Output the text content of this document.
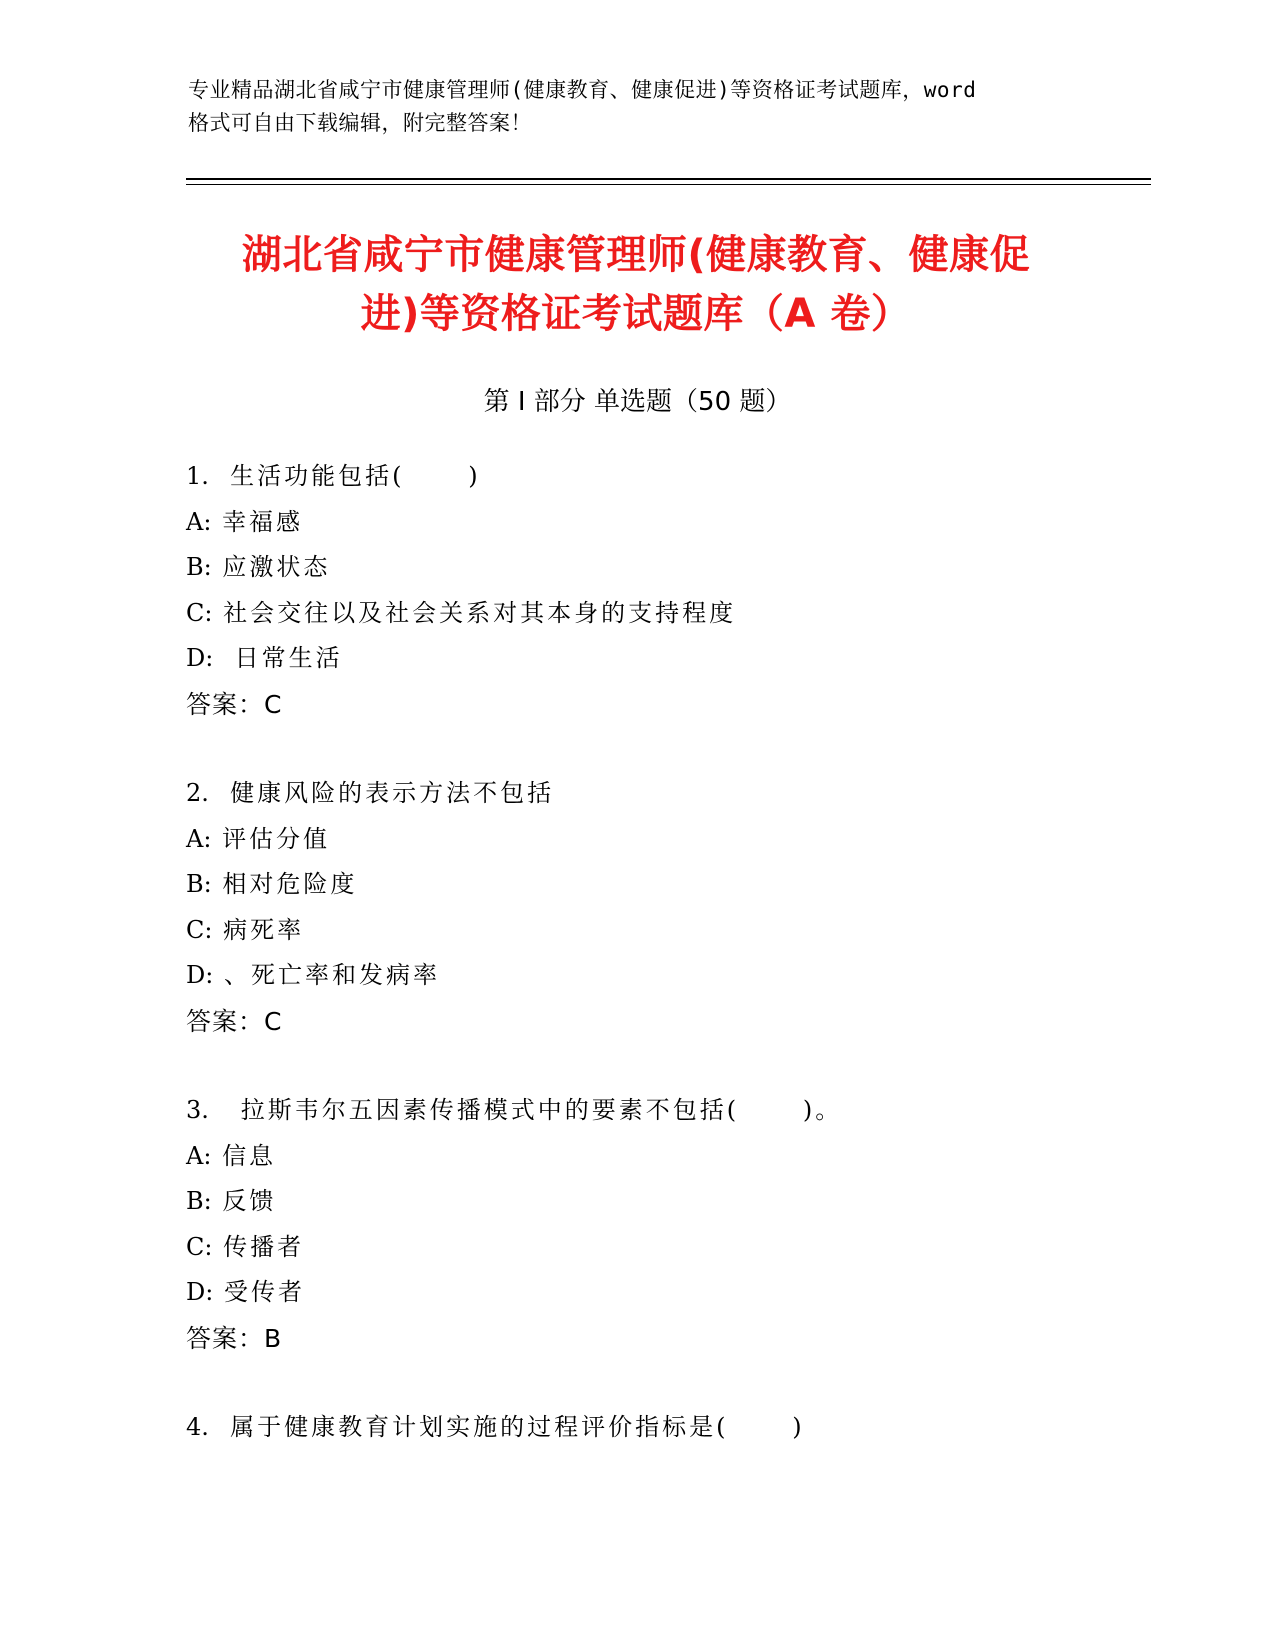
专业精品湖北省咸宁市健康管理师(健康教育、健康促进)等资格证考试题库，word
格式可自由下载编辑，附完整答案！
湖北省咸宁市健康管理师(健康教育、健康促
进)等资格证考试题库（A 卷）
第 I 部分 单选题（50 题）
1. 生活功能包括(      )
A: 幸福感
B: 应激状态
C: 社会交往以及社会关系对其本身的支持程度
D:  日常生活
答案：C
2. 健康风险的表示方法不包括
A: 评估分值
B: 相对危险度
C: 病死率
D: 、死亡率和发病率
答案：C
3.   拉斯韦尔五因素传播模式中的要素不包括(      )。
A: 信息
B: 反馈
C: 传播者
D: 受传者
答案：B
4. 属于健康教育计划实施的过程评价指标是(      )
